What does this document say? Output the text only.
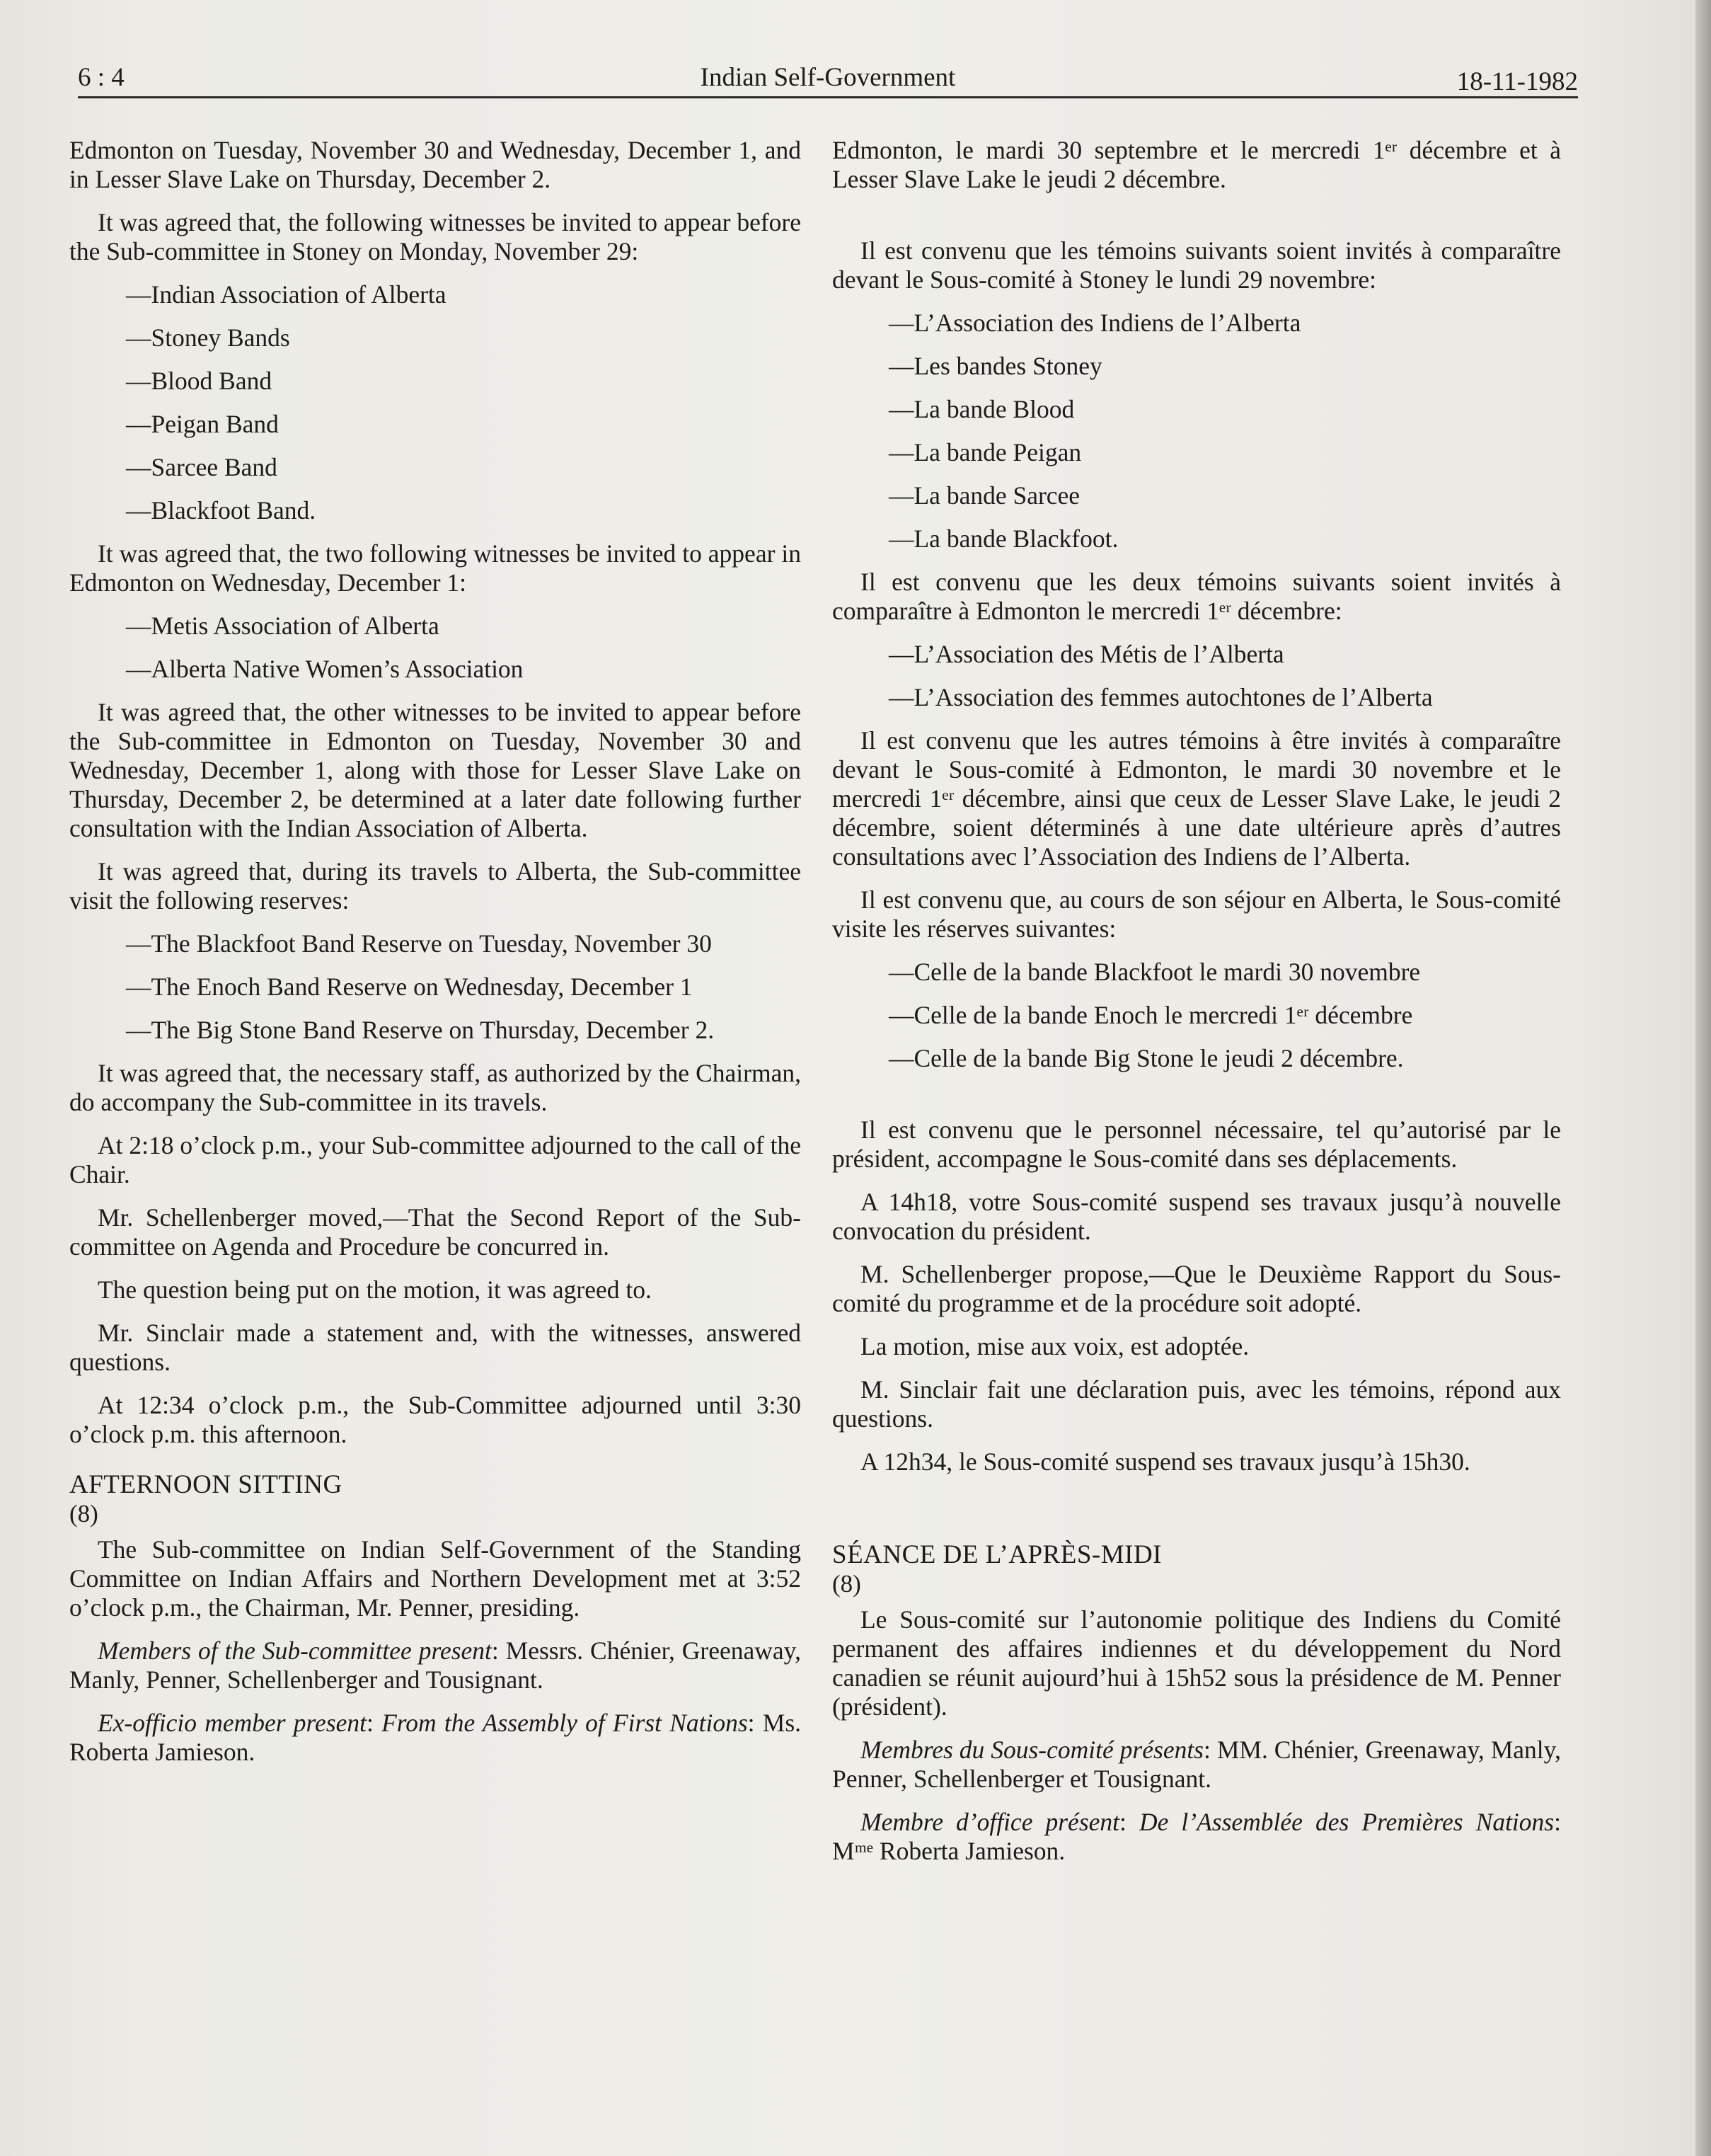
6 : 4	Indian Self-Government	18-11-1982

Edmonton on Tuesday, November 30 and Wednesday, December 1, and in Lesser Slave Lake on Thursday, December 2.

It was agreed that, the following witnesses be invited to appear before the Sub-committee in Stoney on Monday, November 29:

—Indian Association of Alberta

—Stoney Bands

—Blood Band

—Peigan Band

—Sarcee Band

—Blackfoot Band.

It was agreed that, the two following witnesses be invited to appear in Edmonton on Wednesday, December 1:

—Metis Association of Alberta

—Alberta Native Women’s Association

It was agreed that, the other witnesses to be invited to appear before the Sub-committee in Edmonton on Tuesday, November 30 and Wednesday, December 1, along with those for Lesser Slave Lake on Thursday, December 2, be determined at a later date following further consultation with the Indian Association of Alberta.

It was agreed that, during its travels to Alberta, the Sub-committee visit the following reserves:

—The Blackfoot Band Reserve on Tuesday, November 30

—The Enoch Band Reserve on Wednesday, December 1

—The Big Stone Band Reserve on Thursday, December 2.

It was agreed that, the necessary staff, as authorized by the Chairman, do accompany the Sub-committee in its travels.

At 2:18 o’clock p.m., your Sub-committee adjourned to the call of the Chair.

Mr. Schellenberger moved,—That the Second Report of the Sub-committee on Agenda and Procedure be concurred in.

The question being put on the motion, it was agreed to.

Mr. Sinclair made a statement and, with the witnesses, answered questions.

At 12:34 o’clock p.m., the Sub-Committee adjourned until 3:30 o’clock p.m. this afternoon.

AFTERNOON SITTING
(8)

The Sub-committee on Indian Self-Government of the Standing Committee on Indian Affairs and Northern Development met at 3:52 o’clock p.m., the Chairman, Mr. Penner, presiding.

Members of the Sub-committee present: Messrs. Chénier, Greenaway, Manly, Penner, Schellenberger and Tousignant.

Ex-officio member present: From the Assembly of First Nations: Ms. Roberta Jamieson.

Edmonton, le mardi 30 septembre et le mercredi 1ᵉʳ décembre et à Lesser Slave Lake le jeudi 2 décembre.

Il est convenu que les témoins suivants soient invités à comparaître devant le Sous-comité à Stoney le lundi 29 novembre:

—L’Association des Indiens de l’Alberta

—Les bandes Stoney

—La bande Blood

—La bande Peigan

—La bande Sarcee

—La bande Blackfoot.

Il est convenu que les deux témoins suivants soient invités à comparaître à Edmonton le mercredi 1ᵉʳ décembre:

—L’Association des Métis de l’Alberta

—L’Association des femmes autochtones de l’Alberta

Il est convenu que les autres témoins à être invités à comparaître devant le Sous-comité à Edmonton, le mardi 30 novembre et le mercredi 1ᵉʳ décembre, ainsi que ceux de Lesser Slave Lake, le jeudi 2 décembre, soient déterminés à une date ultérieure après d’autres consultations avec l’Association des Indiens de l’Alberta.

Il est convenu que, au cours de son séjour en Alberta, le Sous-comité visite les réserves suivantes:

—Celle de la bande Blackfoot le mardi 30 novembre

—Celle de la bande Enoch le mercredi 1ᵉʳ décembre

—Celle de la bande Big Stone le jeudi 2 décembre.

Il est convenu que le personnel nécessaire, tel qu’autorisé par le président, accompagne le Sous-comité dans ses déplacements.

A 14h18, votre Sous-comité suspend ses travaux jusqu’à nouvelle convocation du président.

M. Schellenberger propose,—Que le Deuxième Rapport du Sous-comité du programme et de la procédure soit adopté.

La motion, mise aux voix, est adoptée.

M. Sinclair fait une déclaration puis, avec les témoins, répond aux questions.

A 12h34, le Sous-comité suspend ses travaux jusqu’à 15h30.

SÉANCE DE L’APRÈS-MIDI
(8)

Le Sous-comité sur l’autonomie politique des Indiens du Comité permanent des affaires indiennes et du développement du Nord canadien se réunit aujourd’hui à 15h52 sous la présidence de M. Penner (président).

Membres du Sous-comité présents: MM. Chénier, Greenaway, Manly, Penner, Schellenberger et Tousignant.

Membre d’office présent: De l’Assemblée des Premières Nations: Mᵐᵉ Roberta Jamieson.
